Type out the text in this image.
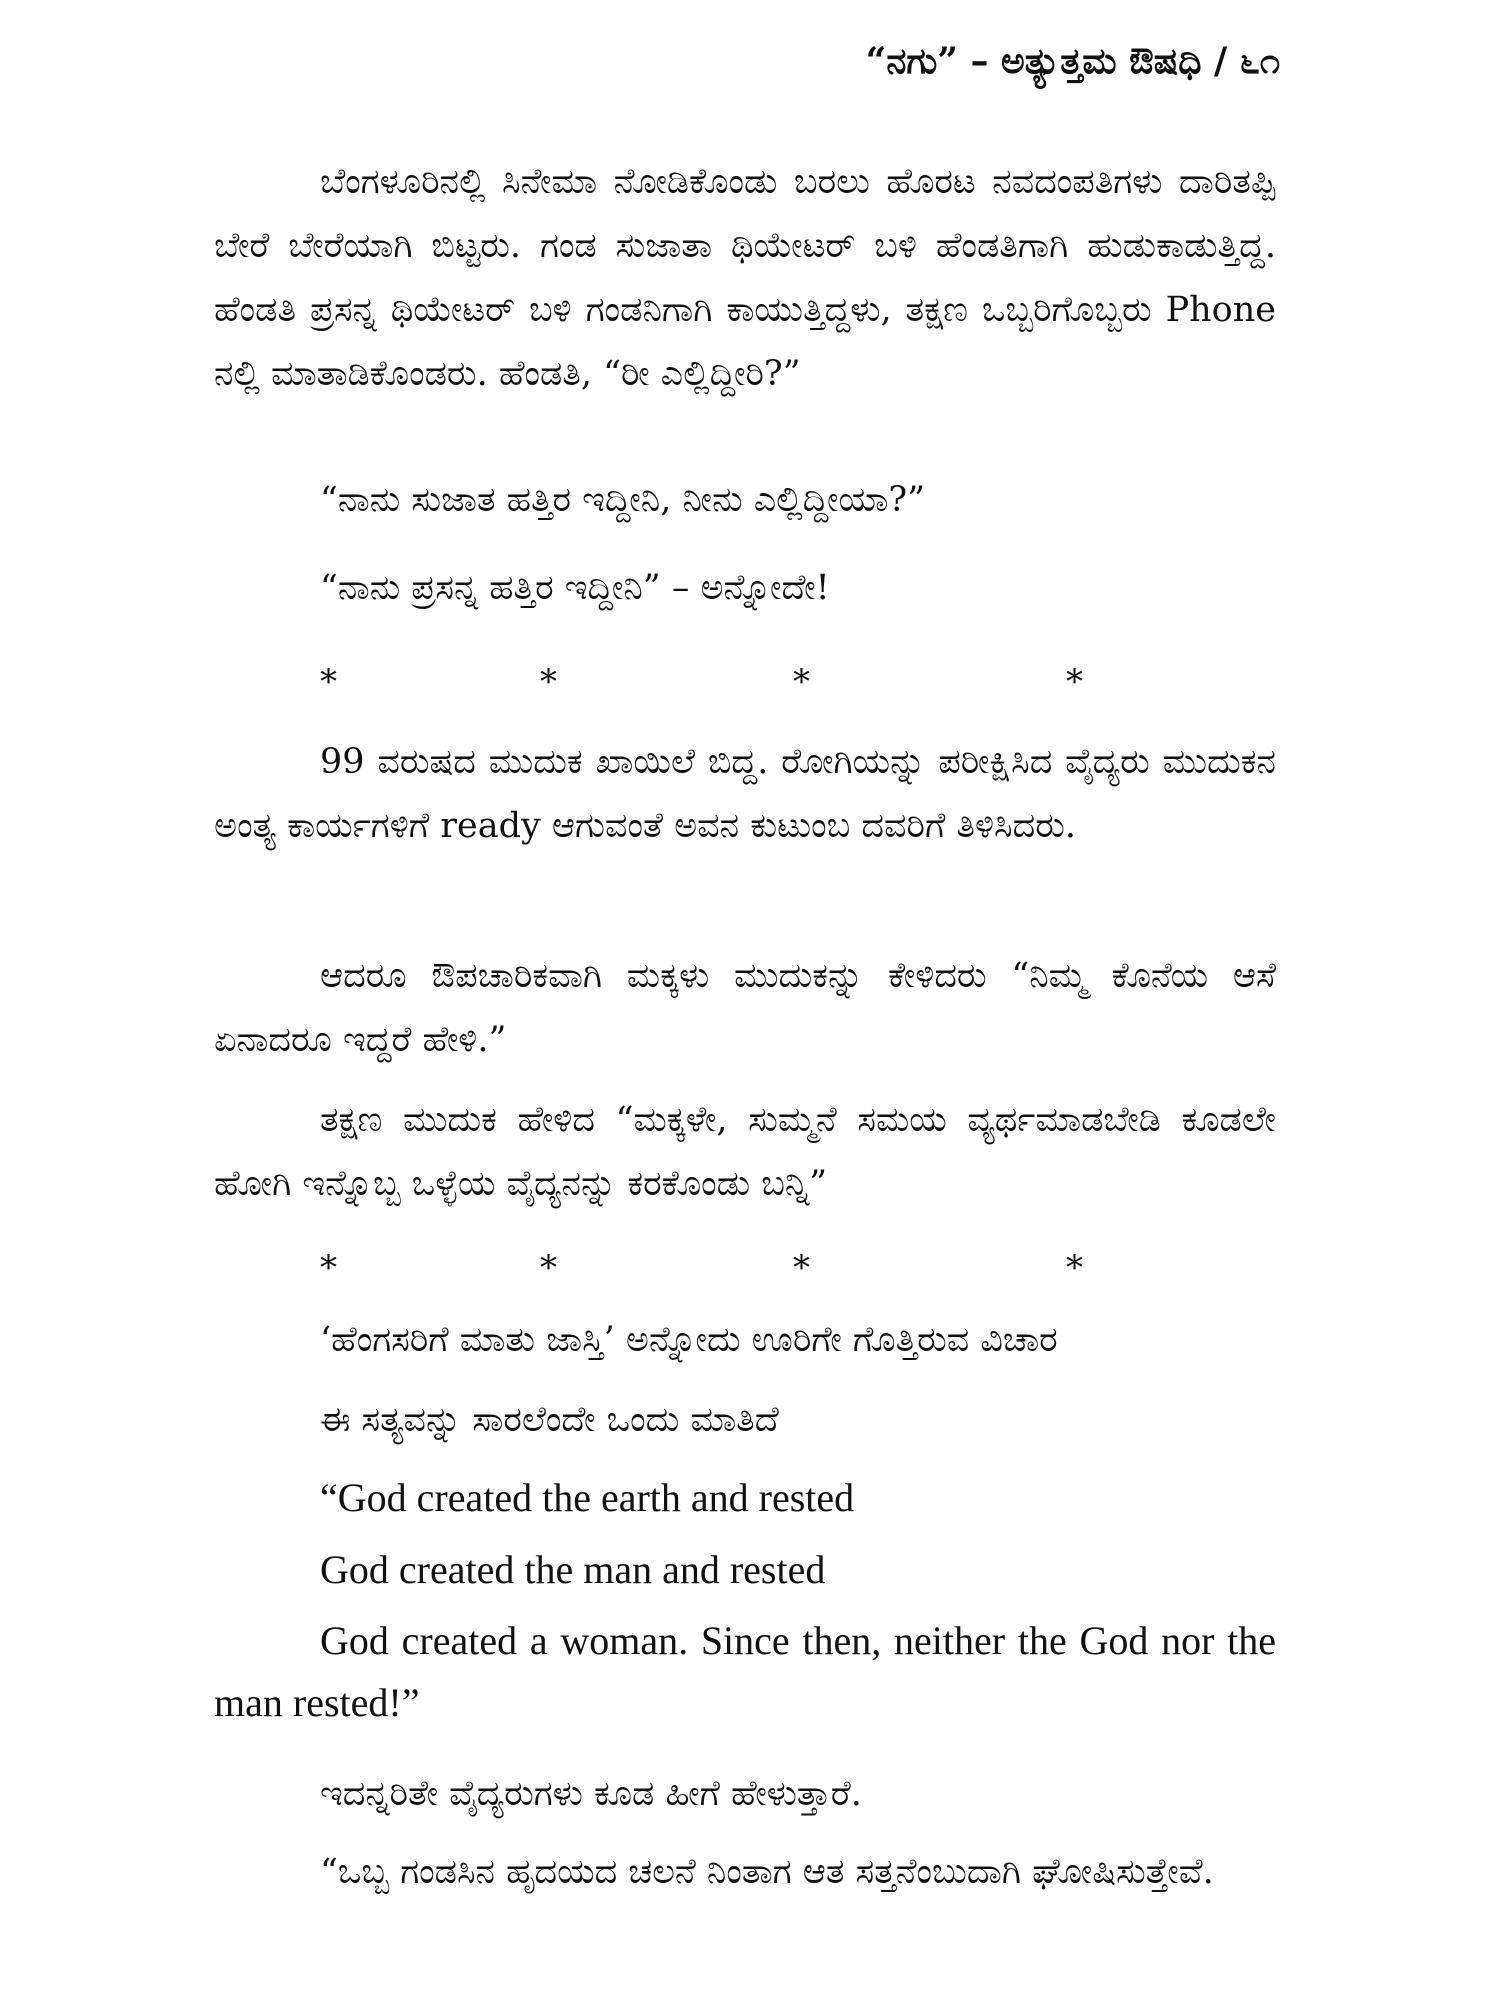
“ನಗು” – ಅತ್ಯುತ್ತಮ ಔಷಧಿ / ೬೧

ಬೆಂಗಳೂರಿನಲ್ಲಿ ಸಿನೇಮಾ ನೋಡಿಕೊಂಡು ಬರಲು ಹೊರಟ ನವದಂಪತಿಗಳು ದಾರಿತಪ್ಪಿ ಬೇರೆ ಬೇರೆಯಾಗಿ ಬಿಟ್ಟರು. ಗಂಡ ಸುಜಾತಾ ಥಿಯೇಟರ್ ಬಳಿ ಹೆಂಡತಿಗಾಗಿ ಹುಡುಕಾಡುತ್ತಿದ್ದ. ಹೆಂಡತಿ ಪ್ರಸನ್ನ ಥಿಯೇಟರ್ ಬಳಿ ಗಂಡನಿಗಾಗಿ ಕಾಯುತ್ತಿದ್ದಳು, ತಕ್ಷಣ ಒಬ್ಬರಿಗೊಬ್ಬರು Phone ನಲ್ಲಿ ಮಾತಾಡಿಕೊಂಡರು. ಹೆಂಡತಿ, “ರೀ ಎಲ್ಲಿದ್ದೀರಿ?”

“ನಾನು ಸುಜಾತ ಹತ್ತಿರ ಇದ್ದೀನಿ, ನೀನು ಎಲ್ಲಿದ್ದೀಯಾ?”
“ನಾನು ಪ್ರಸನ್ನ ಹತ್ತಿರ ಇದ್ದೀನಿ” – ಅನ್ನೋದೇ!
*	*	*	*

99 ವರುಷದ ಮುದುಕ ಖಾಯಿಲೆ ಬಿದ್ದ. ರೋಗಿಯನ್ನು ಪರೀಕ್ಷಿಸಿದ ವೈದ್ಯರು ಮುದುಕನ ಅಂತ್ಯ ಕಾರ್ಯಗಳಿಗೆ ready ಆಗುವಂತೆ ಅವನ ಕುಟುಂಬ ದವರಿಗೆ ತಿಳಿಸಿದರು.

ಆದರೂ ಔಪಚಾರಿಕವಾಗಿ ಮಕ್ಕಳು ಮುದುಕನ್ನು ಕೇಳಿದರು “ನಿಮ್ಮ ಕೊನೆಯ ಆಸೆ ಏನಾದರೂ ಇದ್ದರೆ ಹೇಳಿ.”

ತಕ್ಷಣ ಮುದುಕ ಹೇಳಿದ “ಮಕ್ಕಳೇ, ಸುಮ್ಮನೆ ಸಮಯ ವ್ಯರ್ಥಮಾಡಬೇಡಿ ಕೂಡಲೇ ಹೋಗಿ ಇನ್ನೊಬ್ಬ ಒಳ್ಳೆಯ ವೈದ್ಯನನ್ನು ಕರಕೊಂಡು ಬನ್ನಿ”

*	*	*	*
‘ಹೆಂಗಸರಿಗೆ ಮಾತು ಜಾಸ್ತಿ’ ಅನ್ನೋದು ಊರಿಗೇ ಗೊತ್ತಿರುವ ವಿಚಾರ
ಈ ಸತ್ಯವನ್ನು ಸಾರಲೆಂದೇ ಒಂದು ಮಾತಿದೆ
“God created the earth and rested
God created the man and rested

God created a woman. Since then, neither the God nor the man rested!”

ಇದನ್ನರಿತೇ ವೈದ್ಯರುಗಳು ಕೂಡ ಹೀಗೆ ಹೇಳುತ್ತಾರೆ.

“ಒಬ್ಬ ಗಂಡಸಿನ ಹೃದಯದ ಚಲನೆ ನಿಂತಾಗ ಆತ ಸತ್ತನೆಂಬುದಾಗಿ ಘೋಷಿಸುತ್ತೇವೆ.
